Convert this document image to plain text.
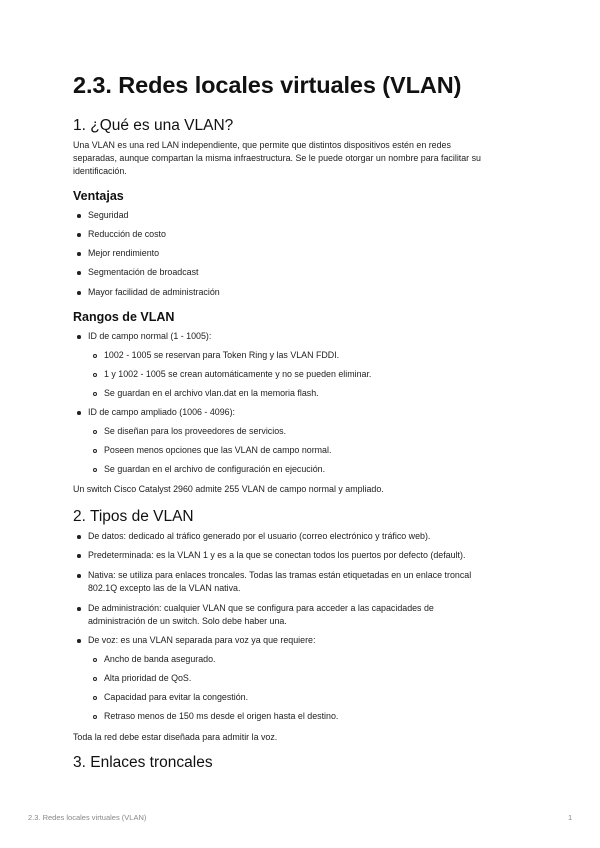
2.3. Redes locales virtuales (VLAN)
1. ¿Qué es una VLAN?
Una VLAN es una red LAN independiente, que permite que distintos dispositivos estén en redes
separadas, aunque compartan la misma infraestructura. Se le puede otorgar un nombre para facilitar su
identificación.
Ventajas
Seguridad
Reducción de costo
Mejor rendimiento
Segmentación de broadcast
Mayor facilidad de administración
Rangos de VLAN
ID de campo normal (1 - 1005):
1002 - 1005 se reservan para Token Ring y las VLAN FDDI.
1 y 1002 - 1005 se crean automáticamente y no se pueden eliminar.
Se guardan en el archivo vlan.dat en la memoria flash.
ID de campo ampliado (1006 - 4096):
Se diseñan para los proveedores de servicios.
Poseen menos opciones que las VLAN de campo normal.
Se guardan en el archivo de configuración en ejecución.
Un switch Cisco Catalyst 2960 admite 255 VLAN de campo normal y ampliado.
2. Tipos de VLAN
De datos: dedicado al tráfico generado por el usuario (correo electrónico y tráfico web).
Predeterminada: es la VLAN 1 y es a la que se conectan todos los puertos por defecto (default).
Nativa: se utiliza para enlaces troncales. Todas las tramas están etiquetadas en un enlace troncal
802.1Q excepto las de la VLAN nativa.
De administración: cualquier VLAN que se configura para acceder a las capacidades de
administración de un switch. Solo debe haber una.
De voz: es una VLAN separada para voz ya que requiere:
Ancho de banda asegurado.
Alta prioridad de QoS.
Capacidad para evitar la congestión.
Retraso menos de 150 ms desde el origen hasta el destino.
Toda la red debe estar diseñada para admitir la voz.
3. Enlaces troncales
2.3. Redes locales virtuales (VLAN)	1
